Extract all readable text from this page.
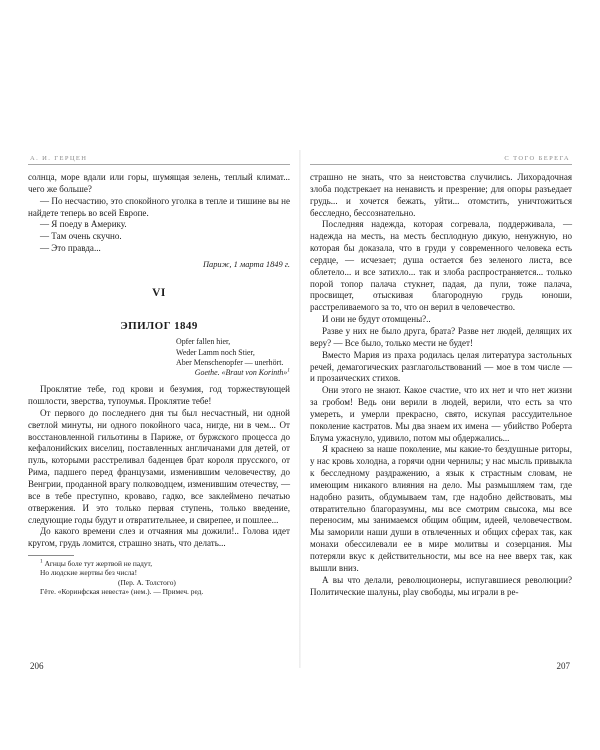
А. И. ГЕРЦЕН

солнца, море вдали или горы, шумящая зелень, теплый климат... чего же больше?

— По несчастию, это спокойного уголка в тепле и тишине вы не найдете теперь во всей Европе.

— Я поеду в Америку.

— Там очень скучно.

— Это правда...

Париж, 1 марта 1849 г.
VI
ЭПИЛОГ 1849
Opfer fallen hier,
Weder Lamm noch Stier,
Aber Menschenopfer — unerhört.
Goethe. «Braut von Korinth»$^1$

Проклятие тебе, год крови и безумия, год торжествующей пошлости, зверства, тупоумья. Проклятие тебе!

От первого до последнего дня ты был несчастный, ни одной светлой минуты, ни одного покойного часа, нигде, ни в чем... От восстановленной гильотины в Париже, от буржского процесса до кефалонийских виселиц, поставленных англичанами для детей, от пуль, которыми расстреливал баденцев брат короля прусского, от Рима, падшего перед французами, изменившим человечеству, до Венгрии, проданной врагу полководцем, изменившим отечеству, — все в тебе преступно, кроваво, гадко, все заклеймено печатью отвержения. И это только первая ступень, только введение, следующие годы будут и отвратительнее, и свирепее, и пошлее...

До какого времени слез и отчаяния мы дожили!.. Голова идет кругом, грудь ломится, страшно знать, что делать...

$^1$ Агнцы боле тут жертвой не падут,
Но людские жертвы без числа!
(Пер. А. Толстого)
Гёте. «Коринфская невеста» (нем.). — Примеч. ред.
206
С ТОГО БЕРЕГА

страшно не знать, что за неистовства случились. Лихорадочная злоба подстрекает на ненависть и презрение; для опоры разъедает грудь... и хочется бежать, уйти... отомстить, уничтожиться бесследно, бессознательно.

Последняя надежда, которая согревала, поддерживала, — надежда на месть, на месть бесплодную дикую, ненужную, но которая бы доказала, что в груди у современного человека есть сердце, — исчезает; душа остается без зеленого листа, все облетело... и все затихло... так и злоба распространяется... только порой топор палача стукнет, падая, да пули, тоже палача, просвищет, отыскивая благородную грудь юноши, расстреливаемого за то, что он верил в человечество.

И они не будут отомщены?..

Разве у них не было друга, брата? Разве нет людей, делящих их веру? — Все было, только мести не будет!

Вместо Мария из праха родилась целая литература застольных речей, демагогических разглагольствований — мое в том числе — и прозаических стихов.

Они этого не знают. Какое счастие, что их нет и что нет жизни за гробом! Ведь они верили в людей, верили, что есть за что умереть, и умерли прекрасно, свято, искупая рассудительное поколение кастратов. Мы два знаем их имена — убийство Роберта Блума ужаснуло, удивило, потом мы обдержались...

Я краснею за наше поколение, мы какие-то бездушные риторы, у нас кровь холодна, а горячи одни чернилы; у нас мысль привыкла к бесследному раздражению, а язык к страстным словам, не имеющим никакого влияния на дело. Мы размышляем там, где надобно разить, обдумываем там, где надобно действовать, мы отвратительно благоразумны, мы все смотрим свысока, мы все переносим, мы занимаемся общим общим, идеей, человечеством. Мы заморили наши души в отвлеченных и общих сферах так, как монахи обессилевали ее в мире молитвы и созерцания. Мы потеряли вкус к действительности, мы все на нее вверх так, как вышли вниз.

А вы что делали, революционеры, испугавшиеся революции? Политические шалуны, play свободы, мы играли в ре-

207
